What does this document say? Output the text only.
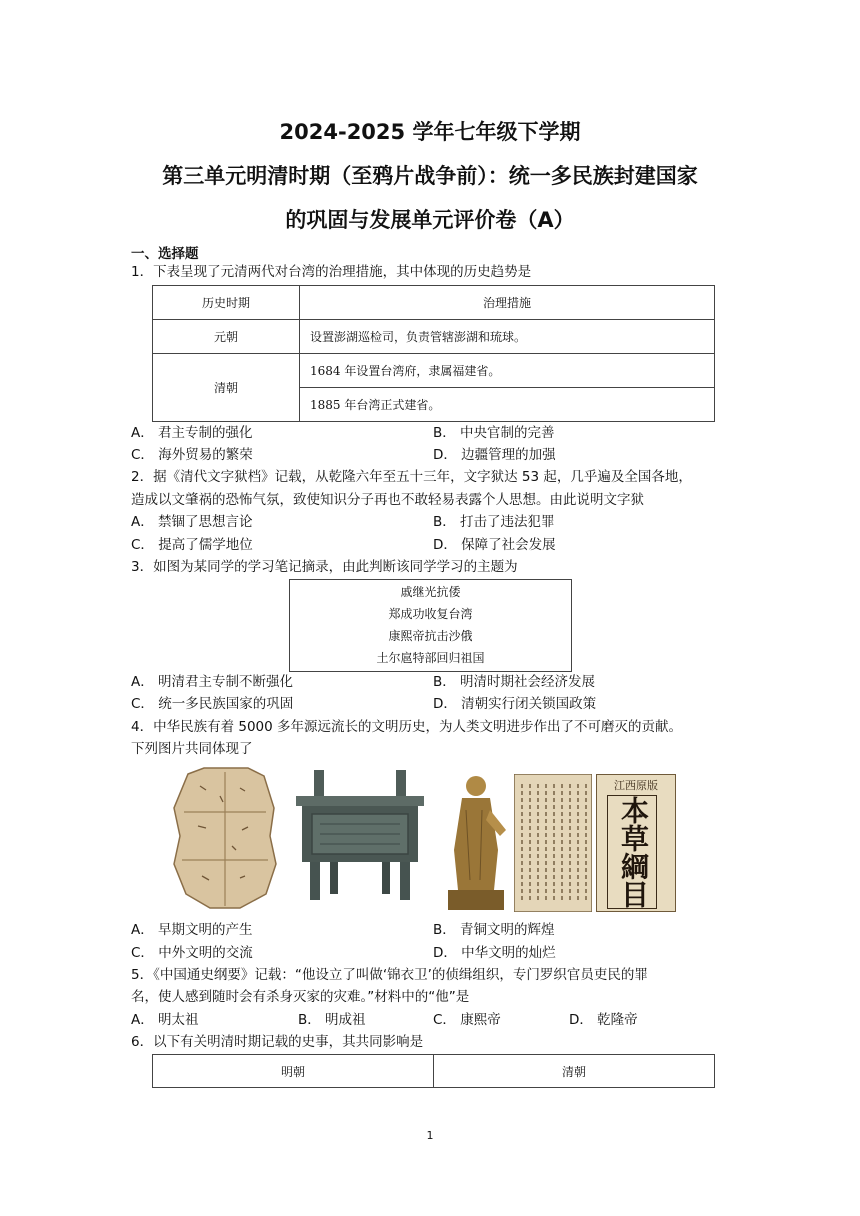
2024-2025 学年七年级下学期
第三单元明清时期（至鸦片战争前）：统一多民族封建国家
的巩固与发展单元评价卷（A）
一、选择题
1．下表呈现了元清两代对台湾的治理措施，其中体现的历史趋势是
历史时期	治理措施
元朝	设置澎湖巡检司，负责管辖澎湖和琉球。
清朝	1684 年设置台湾府，隶属福建省。
	1885 年台湾正式建省。
A． 君主专制的强化	B． 中央官制的完善
C． 海外贸易的繁荣	D． 边疆管理的加强
2．据《清代文字狱档》记载，从乾隆六年至五十三年，文字狱达 53 起，几乎遍及全国各地，
造成以文肇祸的恐怖气氛，致使知识分子再也不敢轻易表露个人思想。由此说明文字狱
A． 禁锢了思想言论	B． 打击了违法犯罪
C． 提高了儒学地位	D． 保障了社会发展
3．如图为某同学的学习笔记摘录，由此判断该同学学习的主题为
戚继光抗倭
郑成功收复台湾
康熙帝抗击沙俄
土尔扈特部回归祖国
A． 明清君主专制不断强化	B． 明清时期社会经济发展
C． 统一多民族国家的巩固	D． 清朝实行闭关锁国政策
4．中华民族有着 5000 多年源远流长的文明历史，为人类文明进步作出了不可磨灭的贡献。
下列图片共同体现了
江西原版
本草綱目
A． 早期文明的产生	B． 青铜文明的辉煌
C． 中外文明的交流	D． 中华文明的灿烂
5．《中国通史纲要》记载：“他设立了叫做‘锦衣卫’的侦缉组织，专门罗织官员吏民的罪
名，使人感到随时会有杀身灭家的灾难。”材料中的“他”是
A． 明太祖	B． 明成祖	C． 康熙帝	D． 乾隆帝
6．以下有关明清时期记载的史事，其共同影响是
明朝	清朝
1
